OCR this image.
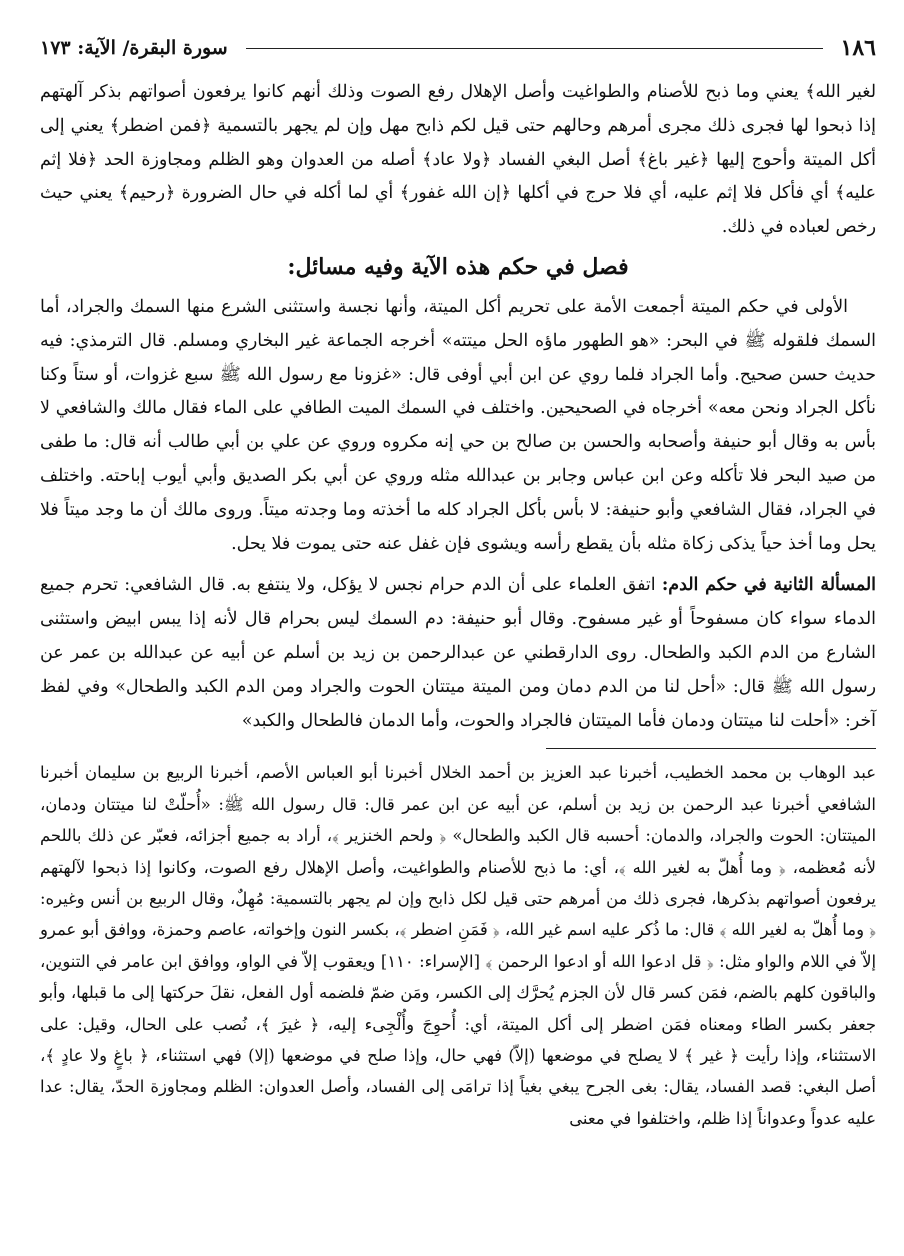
١٨٦
سورة البقرة/ الآية: ١٧٣

لغير الله﴾ يعني وما ذبح للأصنام والطواغيت وأصل الإهلال رفع الصوت وذلك أنهم كانوا يرفعون أصواتهم بذكر آلهتهم إذا ذبحوا لها فجرى ذلك مجرى أمرهم وحالهم حتى قيل لكم ذابح مهل وإن لم يجهر بالتسمية ﴿فمن اضطر﴾ يعني إلى أكل الميتة وأحوج إليها ﴿غير باغ﴾ أصل البغي الفساد ﴿ولا عاد﴾ أصله من العدوان وهو الظلم ومجاوزة الحد ﴿فلا إثم عليه﴾ أي فأكل فلا إثم عليه، أي فلا حرج في أكلها ﴿إن الله غفور﴾ أي لما أكله في حال الضرورة ﴿رحيم﴾ يعني حيث رخص لعباده في ذلك.

فصل في حكم هذه الآية وفيه مسائل:

الأولى في حكم الميتة أجمعت الأمة على تحريم أكل الميتة، وأنها نجسة واستثنى الشرع منها السمك والجراد، أما السمك فلقوله ﷺ في البحر: «هو الطهور ماؤه الحل ميتته» أخرجه الجماعة غير البخاري ومسلم. قال الترمذي: فيه حديث حسن صحيح. وأما الجراد فلما روي عن ابن أبي أوفى قال: «غزونا مع رسول الله ﷺ سبع غزوات، أو ستاً وكنا نأكل الجراد ونحن معه» أخرجاه في الصحيحين. واختلف في السمك الميت الطافي على الماء فقال مالك والشافعي لا بأس به وقال أبو حنيفة وأصحابه والحسن بن صالح بن حي إنه مكروه وروي عن علي بن أبي طالب أنه قال: ما طفى من صيد البحر فلا تأكله وعن ابن عباس وجابر بن عبدالله مثله وروي عن أبي بكر الصديق وأبي أيوب إباحته. واختلف في الجراد، فقال الشافعي وأبو حنيفة: لا بأس بأكل الجراد كله ما أخذته وما وجدته ميتاً. وروى مالك أن ما وجد ميتاً فلا يحل وما أخذ حياً يذكى زكاة مثله بأن يقطع رأسه ويشوى فإن غفل عنه حتى يموت فلا يحل.

المسألة الثانية في حكم الدم: اتفق العلماء على أن الدم حرام نجس لا يؤكل، ولا ينتفع به. قال الشافعي: تحرم جميع الدماء سواء كان مسفوحاً أو غير مسفوح. وقال أبو حنيفة: دم السمك ليس بحرام قال لأنه إذا يبس ابيض واستثنى الشارع من الدم الكبد والطحال. روى الدارقطني عن عبدالرحمن بن زيد بن أسلم عن أبيه عن عبدالله بن عمر عن رسول الله ﷺ قال: «أحل لنا من الدم دمان ومن الميتة ميتتان الحوت والجراد ومن الدم الكبد والطحال» وفي لفظ آخر: «أحلت لنا ميتتان ودمان فأما الميتتان فالجراد والحوت، وأما الدمان فالطحال والكبد»

عبد الوهاب بن محمد الخطيب، أخبرنا عبد العزيز بن أحمد الخلال أخبرنا أبو العباس الأصم، أخبرنا الربيع بن سليمان أخبرنا الشافعي أخبرنا عبد الرحمن بن زيد بن أسلم، عن أبيه عن ابن عمر قال: قال رسول الله ﷺ: «أُحلّتْ لنا ميتتان ودمان، الميتتان: الحوت والجراد، والدمان: أحسبه قال الكبد والطحال» ﴿ ولحم الخنزير ﴾، أراد به جميع أجزائه، فعبّر عن ذلك باللحم لأنه مُعظمه، ﴿ وما أُهلّ به لغير الله ﴾، أي: ما ذبح للأصنام والطواغيت، وأصل الإهلال رفع الصوت، وكانوا إذا ذبحوا لآلهتهم يرفعون أصواتهم بذكرها، فجرى ذلك من أمرهم حتى قيل لكل ذابح وإن لم يجهر بالتسمية: مُهِلٌ، وقال الربيع بن أنس وغيره: ﴿ وما أُهلّ به لغير الله ﴾ قال: ما ذُكر عليه اسم غير الله، ﴿ فَمَنِ اضطر ﴾، بكسر النون وإخواته، عاصم وحمزة، ووافق أبو عمرو إلاّ في اللام والواو مثل: ﴿ قل ادعوا الله أو ادعوا الرحمن ﴾ [الإسراء: ١١٠] ويعقوب إلاّ في الواو، ووافق ابن عامر في التنوين، والباقون كلهم بالضم، فمَن كسر قال لأن الجزم يُحرَّك إلى الكسر، ومَن ضمّ فلضمه أول الفعل، نقلَ حركتها إلى ما قبلها، وأبو جعفر بكسر الطاء ومعناه فمَن اضطر إلى أكل الميتة، أي: أُحوِجَ وأُلْجِىء إليه، ﴿ غيرَ ﴾، نُصب على الحال، وقيل: على الاستثناء، وإذا رأيت ﴿ غير ﴾ لا يصلح في موضعها (إلاّ) فهي حال، وإذا صلح في موضعها (إلا) فهي استثناء، ﴿ باغٍ ولا عادٍ ﴾، أصل البغي: قصد الفساد، يقال: بغى الجرح يبغي بغياً إذا ترامَى إلى الفساد، وأصل العدوان: الظلم ومجاوزة الحدّ، يقال: عدا عليه عدواً وعدواناً إذا ظلم، واختلفوا في معنى
